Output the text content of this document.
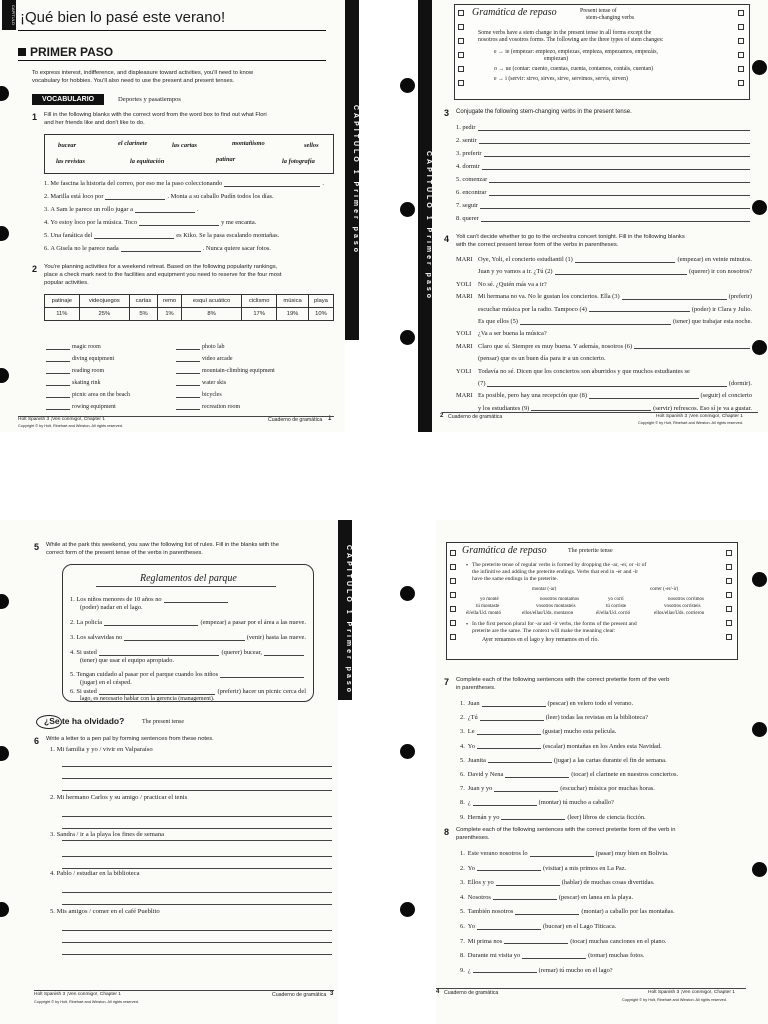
CAPÍTULO ¡Qué bien lo pasé este verano!
PRIMER PASO
To express interest, indifference, and displeasure toward activities, you'll need to know
vocabulary for hobbies. You'll also need to use the present and present tenses.
VOCABULARIO	Deportes y pasatiempos
1 Fill in the following blanks with the correct word from the word box to find out what Flori
and her friends like and don't like to do.
bucear	el clarinete	las cartas	montañismo	sellos
las revistas	la equitación	patinar	la fotografía
1.
Me fascina la historia del correo, por eso me la paso coleccionando	.
2.
Marilla está loco por	. Monta a su caballo Pudín todos los días.
3.
A Sam le parece un rollo jugar a	.
4.
Yo estoy loco por la música. Toco	y me encanta.
5.
Una fanática del	es Kiko. Se la pasa escalando montañas.
6.
A Gisela no le parece nada	. Nunca quiere sacar fotos.
2 You're planning activities for a weekend retreat. Based on the following popularity rankings,
place a check mark next to the facilities and equipment you need to reserve for the four most
popular activities.
patinaje	videojuegos	cartas	remo	esquí acuático	ciclismo	música	playa
11%	25%	5%	1%	8%	17%	19%	10%
magic room
diving equipment
reading room
skating rink
picnic area on the beach
rowing equipment
photo lab
video arcade
mountain-climbing equipment
water skis
bicycles
recreation room
Holt Spanish 3 ¡Ven conmigo!, Chapter 1	Cuaderno de gramática 1
Copyright © by Holt, Rinehart and Winston. All rights reserved.
CAPÍTULO 1 Primer paso	CAPÍTULO 1 Primer paso
Gramática de repaso	Present tense of
stem-changing verbs
Some verbs have a stem change in the present tense in all forms except the
nosotros and vosotros forms. The following are the three types of stem changes:
e → ie (empezar: empiezo, empiezas, empieza, empezamos, empezáis,
empiezan)
o → ue (contar: cuento, cuentas, cuenta, contamos, contáis, cuentan)
e → i (servir: sirvo, sirves, sirve, servimos, servís, sirven)
3 Conjugate the following stem-changing verbs in the present tense.
1. pedir
2. sentir
3. preferir
4. dormir
5. comenzar
6. encontrar
7. seguir
8. querer
4 Yoli can't decide whether to go to the orchestra concert tonight. Fill in the following blanks
with the correct present tense form of the verbs in parentheses.
MARI Oye, Yoli, el concierto estudiantil (1)	(empezar) en veinte minutos.
Juan y yo vamos a ir. ¿Tú (2)	(querer) ir con nosotros?
YOLI	No sé. ¿Quién más va a ir?
MARI Mi hermana no va. No le gustan los conciertos. Ella (3)	(preferir)
escuchar música por la radio. Tampoco (4)	(poder) ir Clara y Julio.
Es que ellos (5)	(tener) que trabajar esta noche.
YOLI	¿Va a ser buena la música?
MARI Claro que sí. Siempre es muy buena. Y además, nosotros (6)
(pensar) que es un buen día para ir a un concierto.
YOLI	Todavía no sé. Dicen que los conciertos son aburridos y que muchos estudiantes se
(7)	(dormir).
MARI Es posible, pero hay una recepción que (8)	(seguir) el concierto
y los estudiantes (9)	(servir) refrescos. Eso sí je va a gustar.
2 Cuaderno de gramática	Holt Spanish 3 ¡Ven conmigo!, Chapter 1
Copyright © by Holt, Rinehart and Winston. All rights reserved.
5 While at the park this weekend, you saw the following list of rules. Fill in the blanks with the
correct form of the present tense of the verbs in parentheses.
Reglamentos del parque
1.
Los niños menores de 10 años no
(poder) nadar en el lago.
2.
La policía	(empezar) a pasar por el área a las nueve.
3.
Los salvavidas no	(venir) hasta las nueve.
4.
Si usted	(querer) bucear,
(tener) que usar el equipo apropiado.
5.
Tengan cuidado al pasar por el parque cuando los niños
(jugar) en el césped.
6.
Si usted	(preferir) hacer un picnic cerca del
lago, es necesario hablar con la gerencia (management).
¿Se te ha olvidado?	The present tense
6 Write a letter to a pen pal by forming sentences from these notes.
1. Mi familia y yo / vivir en Valparaíso
2. Mi hermano Carlos y su amigo / practicar el tenis
3. Sandra / ir a la playa los fines de semana
4. Pablo / estudiar en la biblioteca
5. Mis amigos / comer en el café Pueblito
Holt Spanish 3 ¡Ven conmigo!, Chapter 1	Cuaderno de gramática 3
Copyright © by Holt, Rinehart and Winston. All rights reserved.
CAPÍTULO 1 Primer paso	Gramática de repaso	The preterite tense
• The preterite tense of regular verbs is formed by dropping the -ar, -er, or -ir of
the infinitive and adding the preterite endings. Verbs that end in -er and -ir
have the same endings in the preterite.
montar (-ar)	correr (-er/-ir)
yo monté	nosotros montamos	yo corrí	nosotros corrimos
tú montaste	vosotros montasteis	tú corriste	vosotros corristeis
él/ella/Ud. montó	ellos/ellas/Uds. montaron	él/ella/Ud. corrió	ellos/ellas/Uds. corrieron
• In the first person plural for -ar and -ir verbs, the forms of the present and
preterite are the same. The context will make the meaning clear:
Ayer remamos en el lago y hoy remamos en el río.
7 Complete each of the following sentences with the correct preterite form of the verb
in parentheses.
1. Juan	(pescar) en velero todo el verano.
2. ¿Tú	(leer) todas las revistas en la biblioteca?
3. Le	(gustar) mucho esta película.
4. Yo	(escalar) montañas en los Andes esta Navidad.
5. Juanita	(jugar) a las cartas durante el fin de semana.
6. David y Nena	(tocar) el clarinete en nuestros conciertos.
7. Juan y yo	(escuchar) música por muchas horas.
8. ¿	(montar) tú mucho a caballo?
9. Hernán y yo	(leer) libros de ciencia ficción.
8 Complete each of the following sentences with the correct preterite form of the verb in
parentheses.
1. Este verano nosotros lo	(pasar) muy bien en Bolivia.
2. Yo	(visitar) a mis primos en La Paz.
3. Ellos y yo	(hablar) de muchas cosas divertidas.
4. Nosotros	(pescar) en lanea en la playa.
5. También nosotros	(montar) a caballo por las montañas.
6. Yo	(bucear) en el Lago Titicaca.
7. Mi prima nos	(tocar) muchas canciones en el piano.
8. Durante mi visita yo	(tomar) muchas fotos.
9. ¿	(remar) tú mucho en el lago?
4 Cuaderno de gramática	Holt Spanish 3 ¡Ven conmigo!, Chapter 1
Copyright © by Holt, Rinehart and Winston. All rights reserved.
